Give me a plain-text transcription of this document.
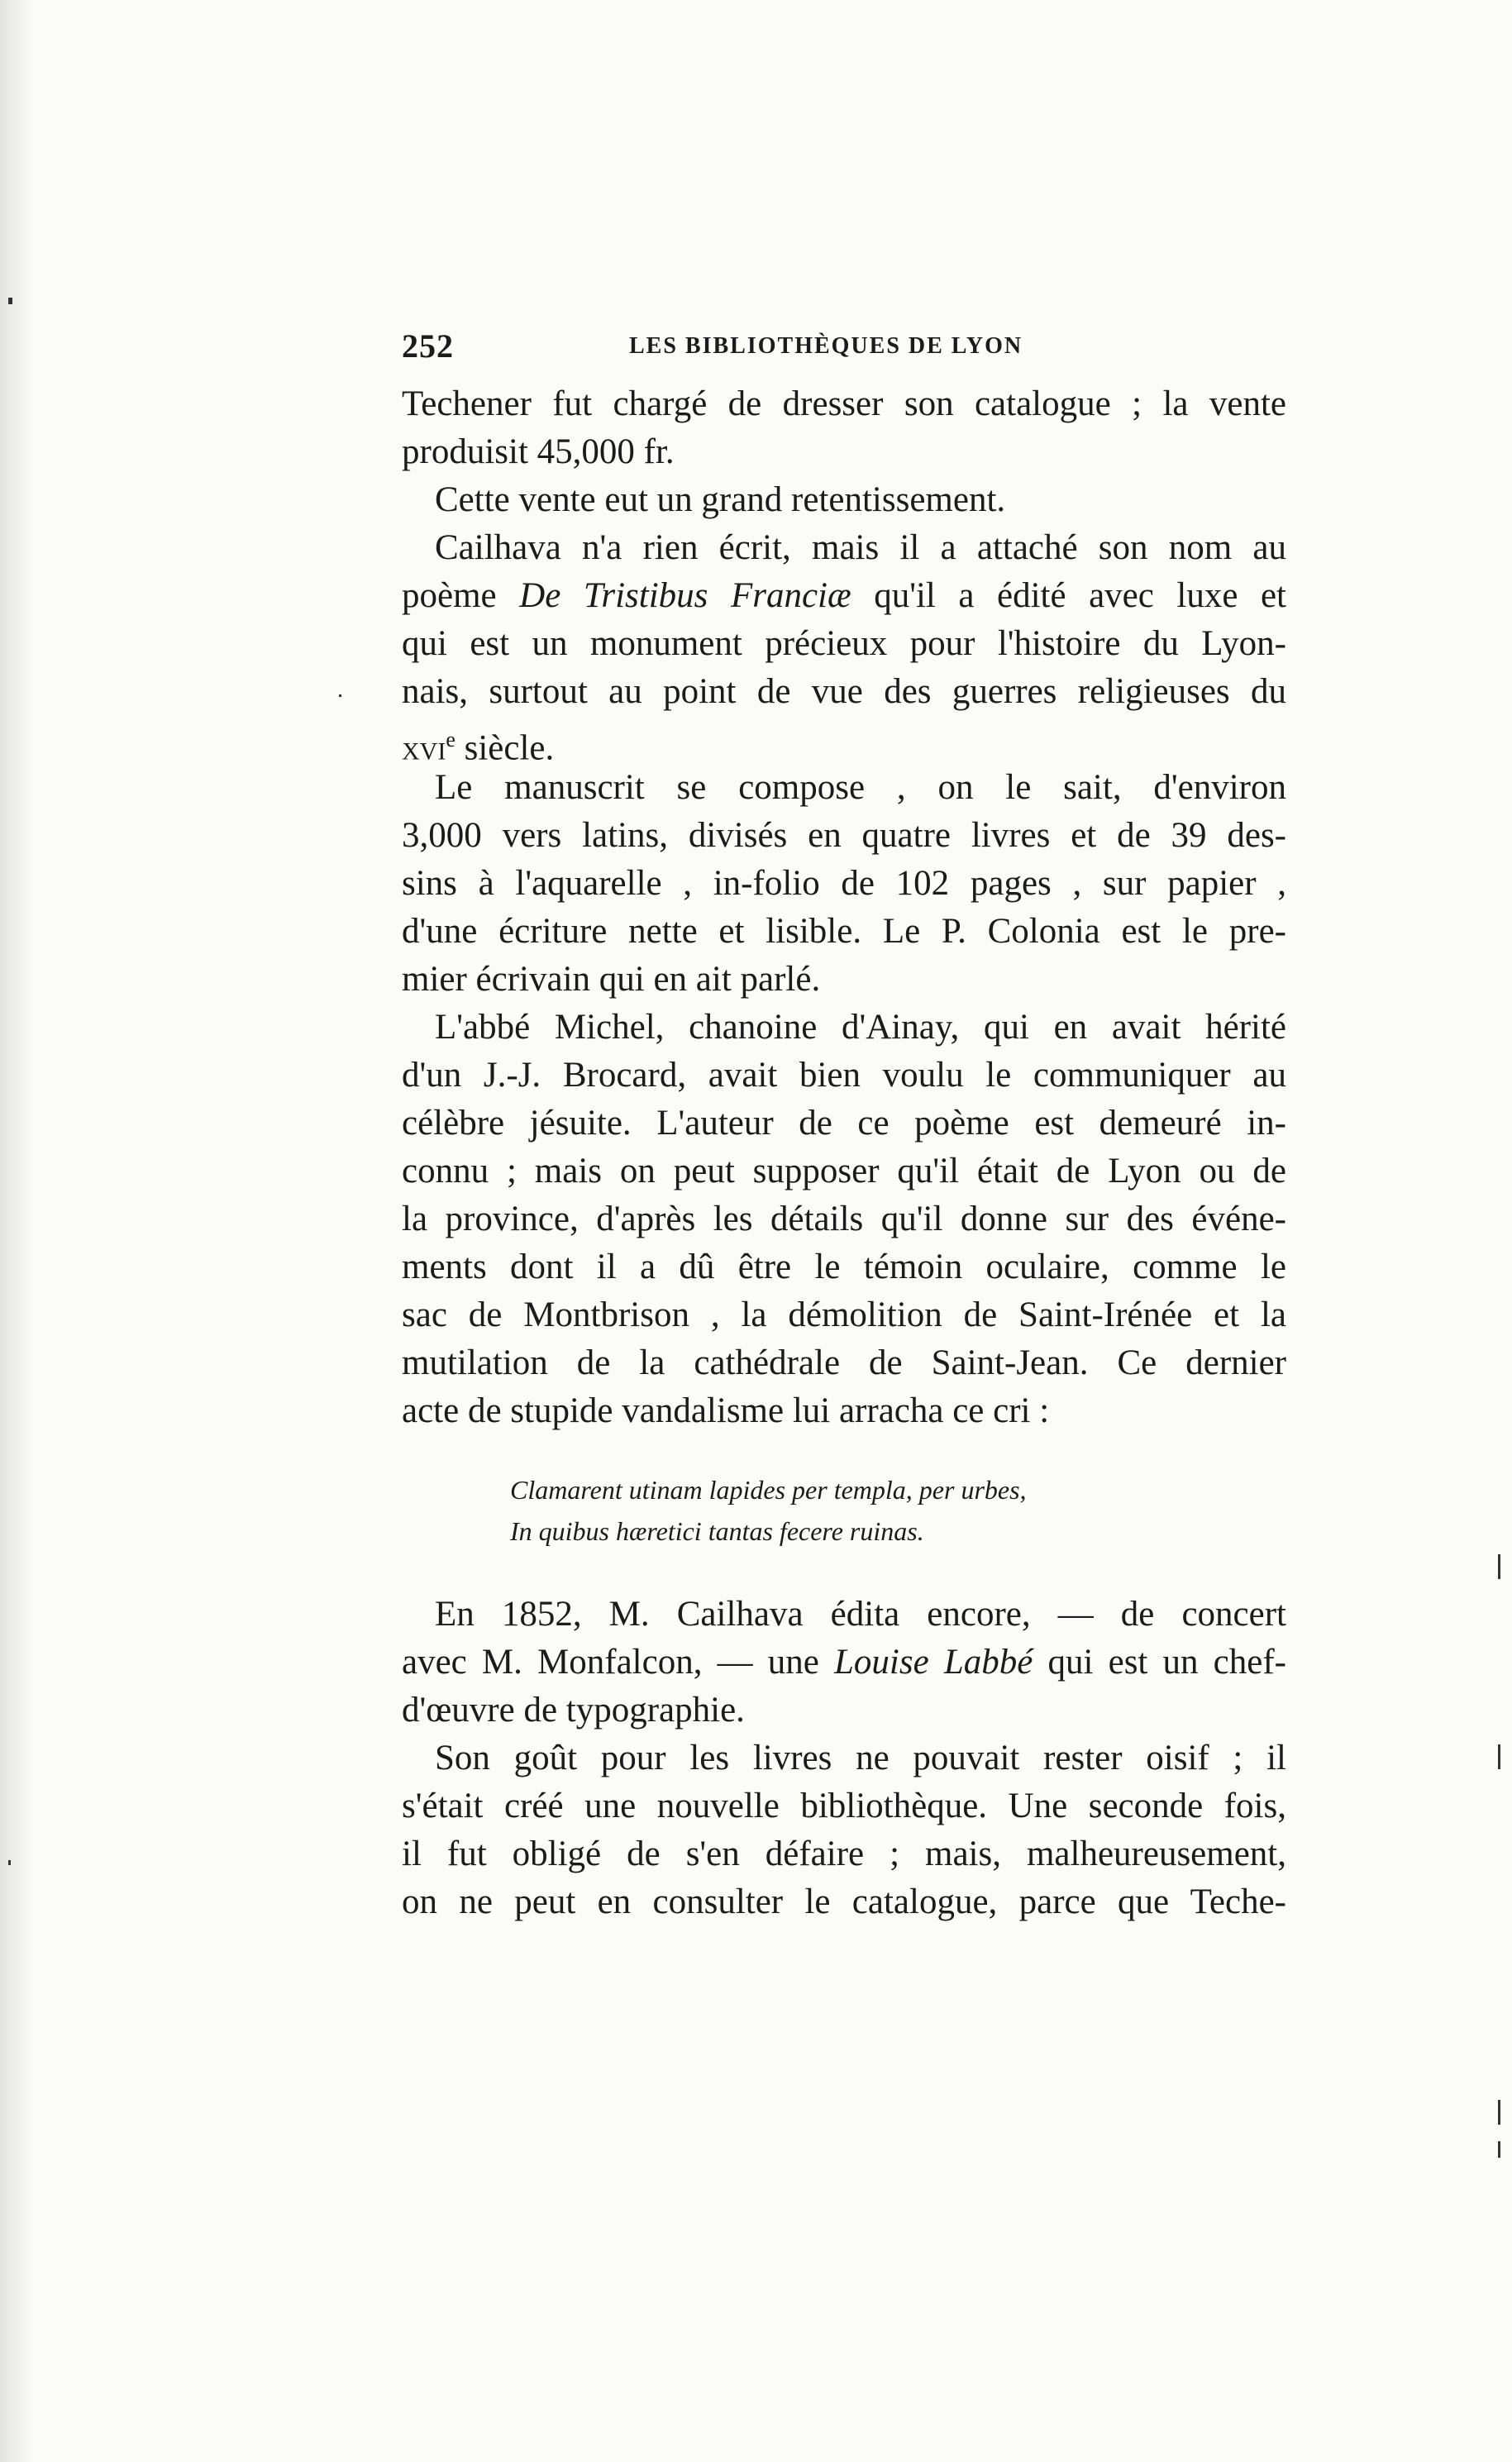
252	LES BIBLIOTHÈQUES DE LYON
Techener fut chargé de dresser son catalogue ; la vente
produisit 45,000 fr.
Cette vente eut un grand retentissement.
Cailhava n'a rien écrit, mais il a attaché son nom au
poème De Tristibus Franciæ qu'il a édité avec luxe et
qui est un monument précieux pour l'histoire du Lyon-
nais, surtout au point de vue des guerres religieuses du
xvi$^e$ siècle.
Le manuscrit se compose , on le sait, d'environ
3,000 vers latins, divisés en quatre livres et de 39 des-
sins à l'aquarelle , in-folio de 102 pages , sur papier ,
d'une écriture nette et lisible. Le P. Colonia est le pre-
mier écrivain qui en ait parlé.
L'abbé Michel, chanoine d'Ainay, qui en avait hérité
d'un J.-J. Brocard, avait bien voulu le communiquer au
célèbre jésuite. L'auteur de ce poème est demeuré in-
connu ; mais on peut supposer qu'il était de Lyon ou de
la province, d'après les détails qu'il donne sur des événe-
ments dont il a dû être le témoin oculaire, comme le
sac de Montbrison , la démolition de Saint-Irénée et la
mutilation de la cathédrale de Saint-Jean. Ce dernier
acte de stupide vandalisme lui arracha ce cri :
Clamarent utinam lapides per templa, per urbes,
In quibus hæretici tantas fecere ruinas.
En 1852, M. Cailhava édita encore, — de concert
avec M. Monfalcon, — une Louise Labbé qui est un chef-
d'œuvre de typographie.
Son goût pour les livres ne pouvait rester oisif ; il
s'était créé une nouvelle bibliothèque. Une seconde fois,
il fut obligé de s'en défaire ; mais, malheureusement,
on ne peut en consulter le catalogue, parce que Teche-
